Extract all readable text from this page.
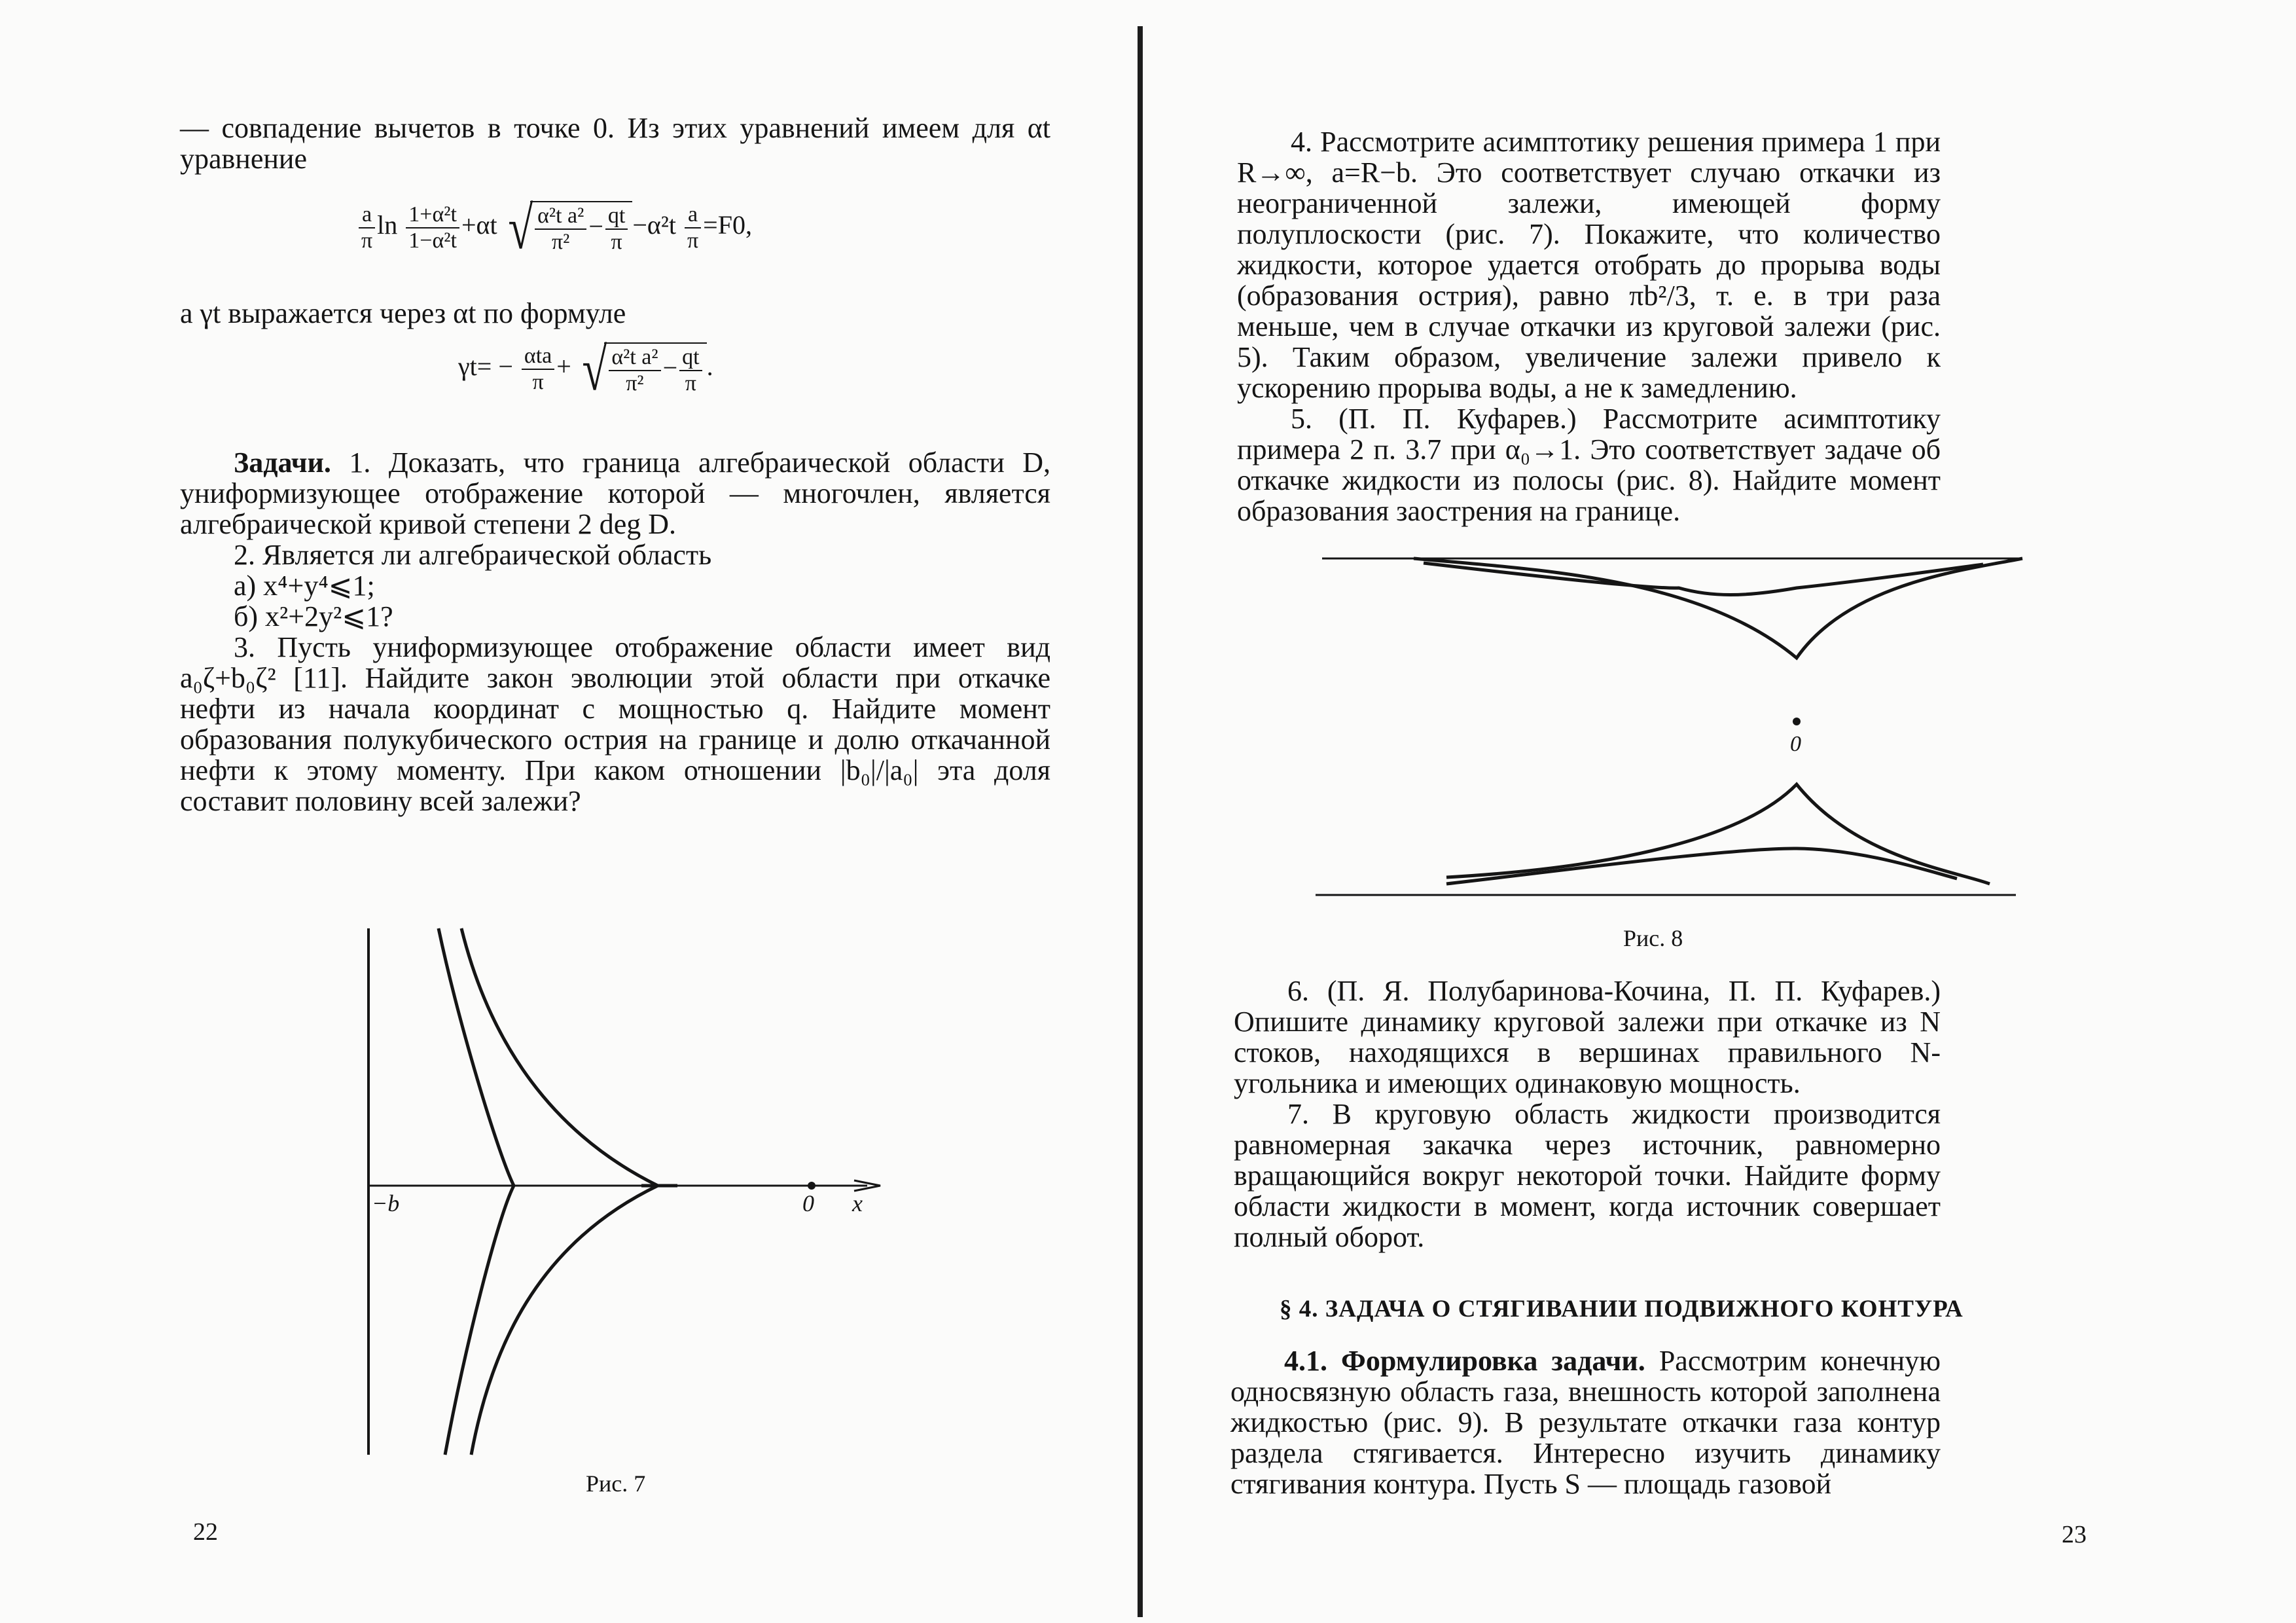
— совпадение вычетов в точке 0. Из этих уравнений имеем для αt уравнение

$\frac{a}{\pi}$ $\ln \frac{\text{1+α²t}}{\text{1−α²t}} +\alpha t$ √ $\frac{\text{α²t a²}}{\text{π²}} - \frac{qt}{\pi} -\alpha^2t \frac{a}{\pi} =F0$,

а γt выражается через αt по формуле

$\gamma t= - \frac{\text{αta}}{\pi}$ + √ $\frac{\text{α²t a²}}{\text{π²}} - \frac{qt}{\pi}$ .

Задачи. 1. Доказать, что граница алгебраической области D, униформизующее отображение которой — многочлен, является алгебраической кривой степени 2 deg D.

2. Является ли алгебраической область

а) x⁴+y⁴⩽1;

б) x²+2y²⩽1?

3. Пусть униформизующее отображение области имеет вид a₀ζ+b₀ζ² [11]. Найдите закон эволюции этой области при откачке нефти из начала координат с мощностью q. Найдите момент образования полукубического острия на границе и долю откачанной нефти к этому моменту. При каком отношении |b₀|/|a₀| эта доля составит половину всей залежи?

−b	0 x
Рис. 7
22

4. Рассмотрите асимптотику решения примера 1 при R→∞, a=R−b. Это соответствует случаю откачки из неограниченной залежи, имеющей форму полуплоскости (рис. 7). Покажите, что количество жидкости, которое удается отобрать до прорыва воды (образования острия), равно πb²/3, т. е. в три раза меньше, чем в случае откачки из круговой залежи (рис. 5). Таким образом, увеличение залежи привело к ускорению прорыва воды, а не к замедлению.

5. (П. П. Куфарев.) Рассмотрите асимптотику примера 2 п. 3.7 при α₀→1. Это соответствует задаче об откачке жидкости из полосы (рис. 8). Найдите момент образования заострения на границе.

0
Рис. 8

6. (П. Я. Полубаринова-Кочина, П. П. Куфарев.) Опишите динамику круговой залежи при откачке из N стоков, находящихся в вершинах правильного N-угольника и имеющих одинаковую мощность.

7. В круговую область жидкости производится равномерная закачка через источник, равномерно вращающийся вокруг некоторой точки. Найдите форму области жидкости в момент, когда источник совершает полный оборот.

§ 4. ЗАДАЧА О СТЯГИВАНИИ ПОДВИЖНОГО КОНТУРА

4.1. Формулировка задачи. Рассмотрим конечную односвязную область газа, внешность которой заполнена жидкостью (рис. 9). В результате откачки газа контур раздела стягивается. Интересно изучить динамику стягивания контура. Пусть S — площадь газовой

23
